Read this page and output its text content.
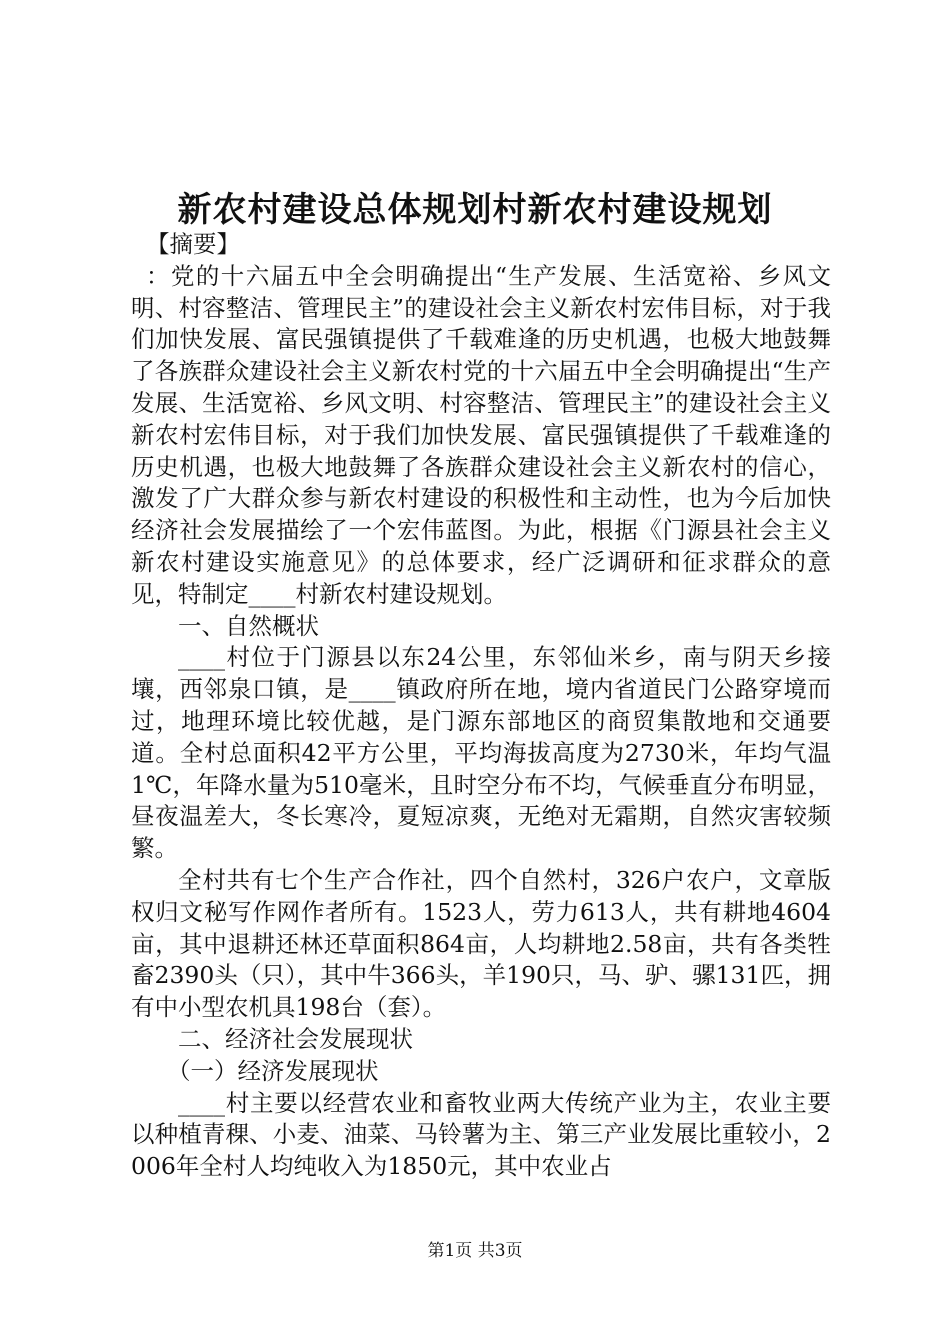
新农村建设总体规划村新农村建设规划

【摘要】

：党的十六届五中全会明确提出“生产发展、生活宽裕、乡风文明、村容整洁、管理民主”的建设社会主义新农村宏伟目标，对于我们加快发展、富民强镇提供了千载难逢的历史机遇，也极大地鼓舞了各族群众建设社会主义新农村党的十六届五中全会明确提出“生产发展、生活宽裕、乡风文明、村容整洁、管理民主”的建设社会主义新农村宏伟目标，对于我们加快发展、富民强镇提供了千载难逢的历史机遇，也极大地鼓舞了各族群众建设社会主义新农村的信心，激发了广大群众参与新农村建设的积极性和主动性，也为今后加快经济社会发展描绘了一个宏伟蓝图。为此，根据《门源县社会主义新农村建设实施意见》的总体要求，经广泛调研和征求群众的意见，特制定____村新农村建设规划。

一、自然概状

____村位于门源县以东24公里，东邻仙米乡，南与阴天乡接壤，西邻泉口镇，是____镇政府所在地，境内省道民门公路穿境而过，地理环境比较优越，是门源东部地区的商贸集散地和交通要道。全村总面积42平方公里，平均海拔高度为2730米，年均气温1℃，年降水量为510毫米，且时空分布不均，气候垂直分布明显，昼夜温差大，冬长寒冷，夏短凉爽，无绝对无霜期，自然灾害较频繁。

全村共有七个生产合作社，四个自然村，326户农户，文章版权归文秘写作网作者所有。1523人，劳力613人，共有耕地4604亩，其中退耕还林还草面积864亩，人均耕地2.58亩，共有各类牲畜2390头（只），其中牛366头，羊190只，马、驴、骡131匹，拥有中小型农机具198台（套）。

二、经济社会发展现状

（一）经济发展现状

____村主要以经营农业和畜牧业两大传统产业为主，农业主要以种植青稞、小麦、油菜、马铃薯为主、第三产业发展比重较小，2006年全村人均纯收入为1850元，其中农业占

第1页 共3页
